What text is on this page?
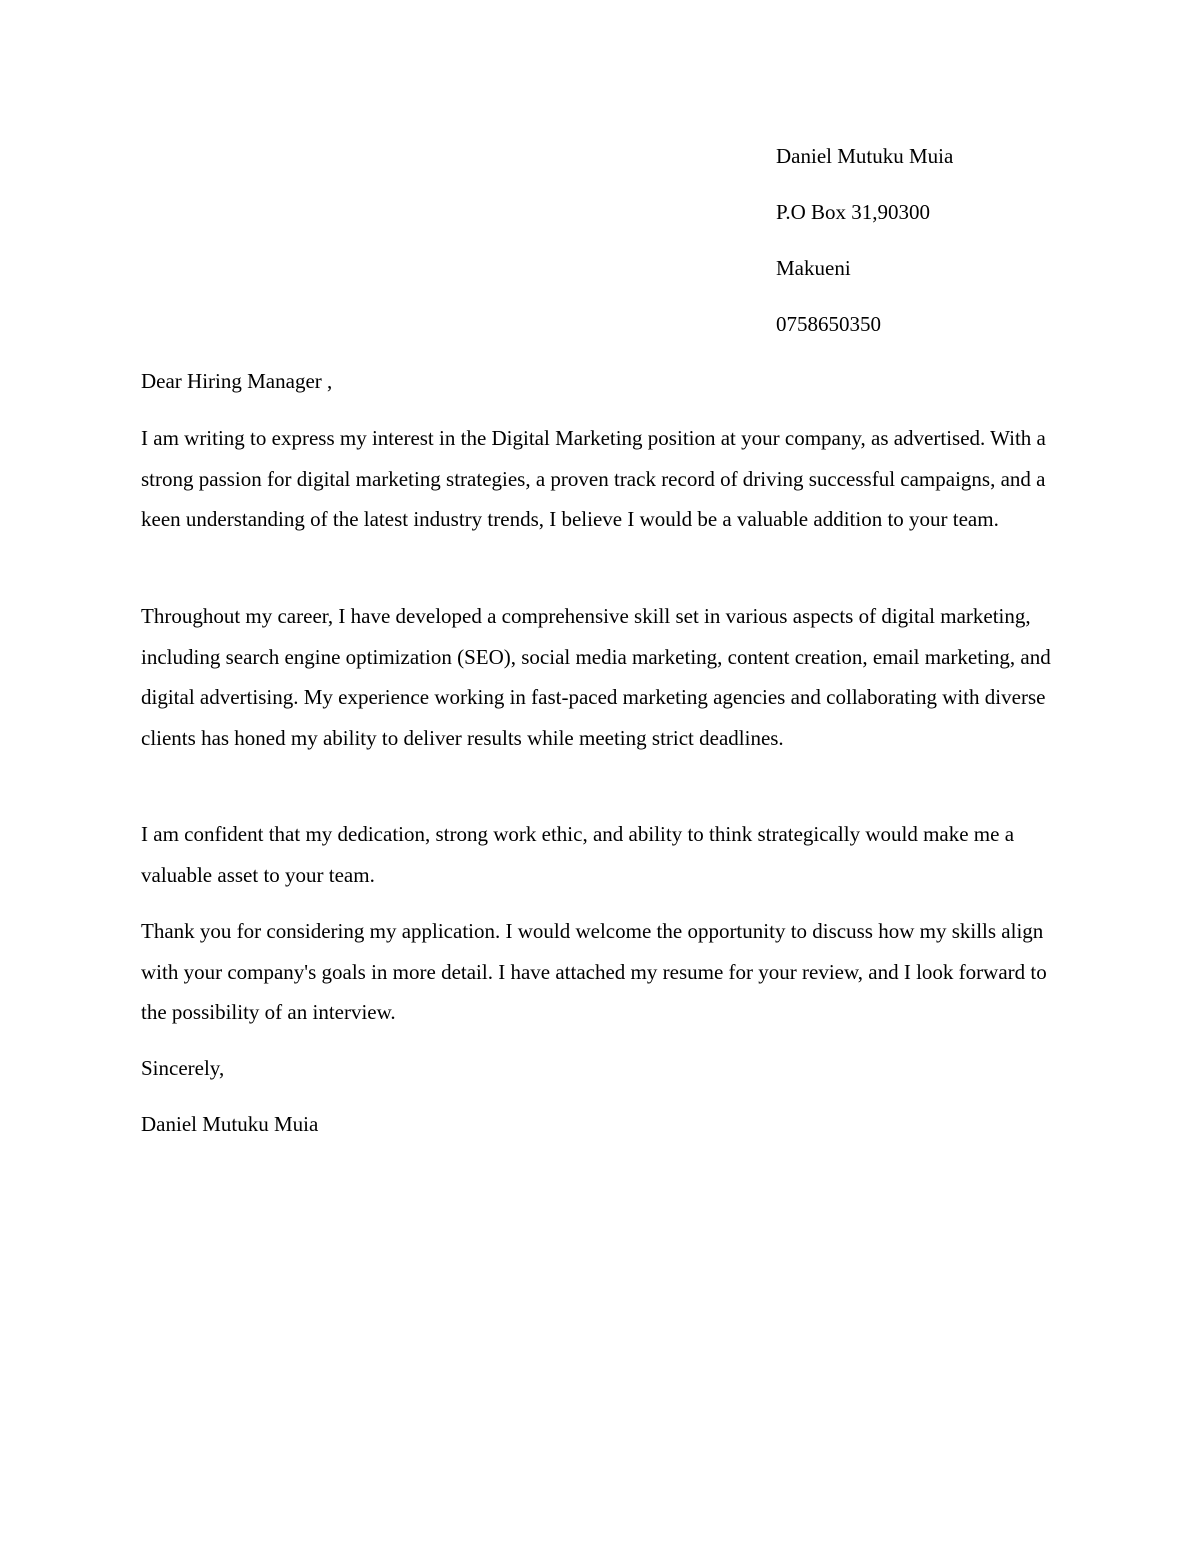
Daniel Mutuku Muia
P.O Box 31,90300
Makueni
0758650350
Dear Hiring Manager ,

I am writing to express my interest in the Digital Marketing position at your company, as advertised. With a strong passion for digital marketing strategies, a proven track record of driving successful campaigns, and a keen understanding of the latest industry trends, I believe I would be a valuable addition to your team.

Throughout my career, I have developed a comprehensive skill set in various aspects of digital marketing, including search engine optimization (SEO), social media marketing, content creation, email marketing, and digital advertising. My experience working in fast-paced marketing agencies and collaborating with diverse clients has honed my ability to deliver results while meeting strict deadlines.

I am confident that my dedication, strong work ethic, and ability to think strategically would make me a valuable asset to your team.

Thank you for considering my application. I would welcome the opportunity to discuss how my skills align with your company's goals in more detail. I have attached my resume for your review, and I look forward to the possibility of an interview.

Sincerely,
Daniel Mutuku Muia
